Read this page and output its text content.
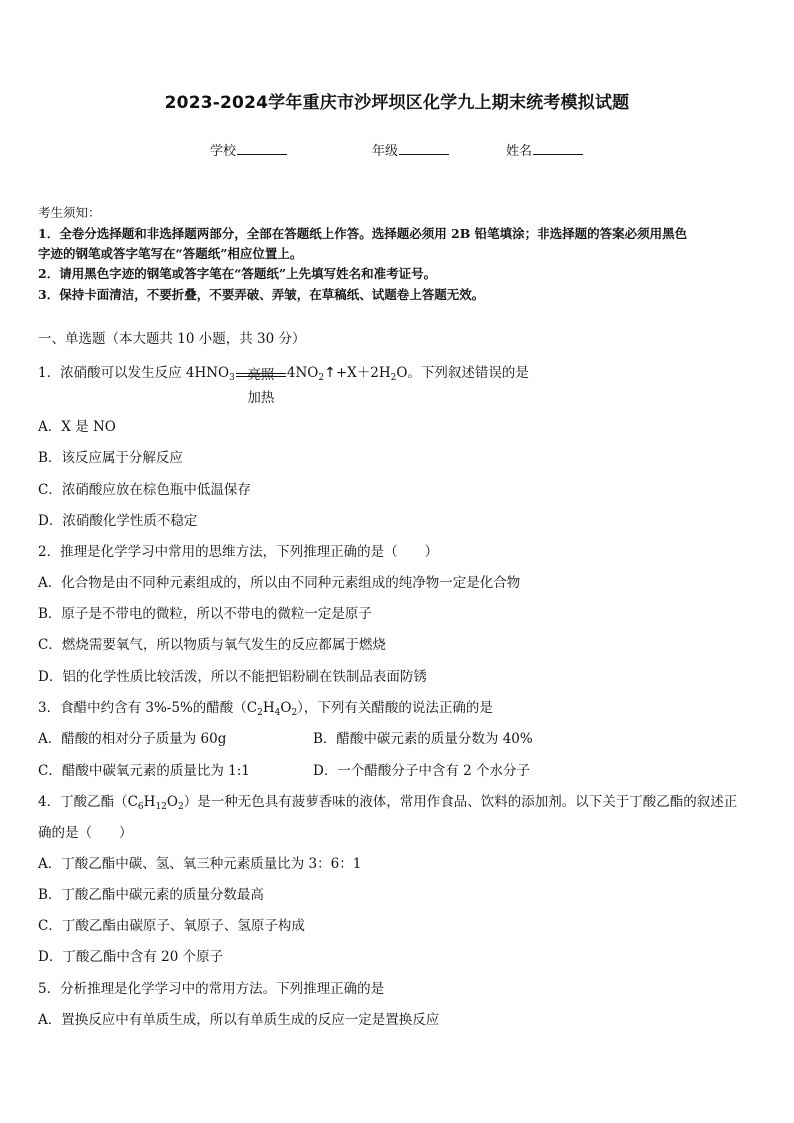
2023-2024学年重庆市沙坪坝区化学九上期末统考模拟试题
学校	年级	姓名
考生须知：
1．全卷分选择题和非选择题两部分，全部在答题纸上作答。选择题必须用 2B 铅笔填涂；非选择题的答案必须用黑色
字迹的钢笔或答字笔写在“答题纸”相应位置上。
2．请用黑色字迹的钢笔或答字笔在“答题纸”上先填写姓名和准考证号。
3．保持卡面清洁，不要折叠，不要弄破、弄皱，在草稿纸、试题卷上答题无效。
一、单选题（本大题共 10 小题，共 30 分）
1．浓硝酸可以发生反应 $4HNO_3$ 亮照
加热
$4NO_2↑+X+2H_2O$。下列叙述错误的是
A．X 是 NO
B．该反应属于分解反应
C．浓硝酸应放在棕色瓶中低温保存
D．浓硝酸化学性质不稳定
2．推理是化学学习中常用的思维方法，下列推理正确的是（　　）
A．化合物是由不同种元素组成的，所以由不同种元素组成的纯净物一定是化合物
B．原子是不带电的微粒，所以不带电的微粒一定是原子
C．燃烧需要氧气，所以物质与氧气发生的反应都属于燃烧
D．铝的化学性质比较活泼，所以不能把铝粉刷在铁制品表面防锈
3．食醋中约含有 3%-5%的醋酸$(C_2H_4O_2)$，下列有关醋酸的说法正确的是
A．醋酸的相对分子质量为 60g	B．醋酸中碳元素的质量分数为 40%
C．醋酸中碳氧元素的质量比为 1:1	D．一个醋酸分子中含有 2 个水分子
4．丁酸乙酯$(C_6H_{12}O_2)$是一种无色具有菠萝香味的液体，常用作食品、饮料的添加剂。以下关于丁酸乙酯的叙述正
确的是（　　）
A．丁酸乙酯中碳、氢、氧三种元素质量比为 3：6：1
B．丁酸乙酯中碳元素的质量分数最高
C．丁酸乙酯由碳原子、氧原子、氢原子构成
D．丁酸乙酯中含有 20 个原子
5．分析推理是化学学习中的常用方法。下列推理正确的是
A．置换反应中有单质生成，所以有单质生成的反应一定是置换反应
